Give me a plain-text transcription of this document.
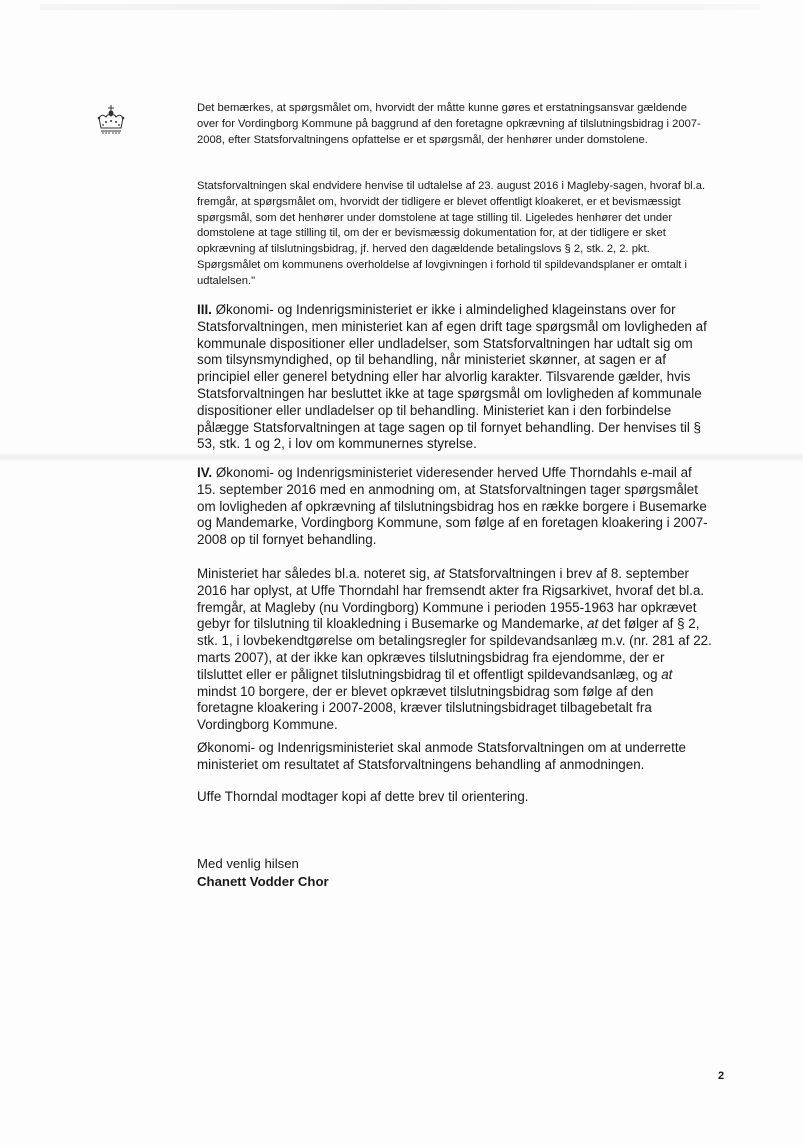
Det bemærkes, at spørgsmålet om, hvorvidt der måtte kunne gøres et erstatningsansvar gældende over for Vordingborg Kommune på baggrund af den foretagne opkrævning af tilslutningsbidrag i 2007-2008, efter Statsforvaltningens opfattelse er et spørgsmål, der henhører under domstolene.

Statsforvaltningen skal endvidere henvise til udtalelse af 23. august 2016 i Magleby-sagen, hvoraf bl.a. fremgår, at spørgsmålet om, hvorvidt der tidligere er blevet offentligt kloakeret, er et bevismæssigt spørgsmål, som det henhører under domstolene at tage stilling til. Ligeledes henhører det under domstolene at tage stilling til, om der er bevismæssig dokumentation for, at der tidligere er sket opkrævning af tilslutningsbidrag, jf. herved den dagældende betalingslovs § 2, stk. 2, 2. pkt. Spørgsmålet om kommunens overholdelse af lovgivningen i forhold til spildevandsplaner er omtalt i udtalelsen."

III. Økonomi- og Indenrigsministeriet er ikke i almindelighed klageinstans over for Statsforvaltningen, men ministeriet kan af egen drift tage spørgsmål om lovligheden af kommunale dispositioner eller undladelser, som Statsforvaltningen har udtalt sig om som tilsynsmyndighed, op til behandling, når ministeriet skønner, at sagen er af principiel eller generel betydning eller har alvorlig karakter. Tilsvarende gælder, hvis Statsforvaltningen har besluttet ikke at tage spørgsmål om lovligheden af kommunale dispositioner eller undladelser op til behandling. Ministeriet kan i den forbindelse pålægge Statsforvaltningen at tage sagen op til fornyet behandling. Der henvises til § 53, stk. 1 og 2, i lov om kommunernes styrelse.

IV. Økonomi- og Indenrigsministeriet videresender herved Uffe Thorndahls e-mail af 15. september 2016 med en anmodning om, at Statsforvaltningen tager spørgsmålet om lovligheden af opkrævning af tilslutningsbidrag hos en række borgere i Busemarke og Mandemarke, Vordingborg Kommune, som følge af en foretagen kloakering i 2007-2008 op til fornyet behandling.

Ministeriet har således bl.a. noteret sig, at Statsforvaltningen i brev af 8. september 2016 har oplyst, at Uffe Thorndahl har fremsendt akter fra Rigsarkivet, hvoraf det bl.a. fremgår, at Magleby (nu Vordingborg) Kommune i perioden 1955-1963 har opkrævet gebyr for tilslutning til kloakledning i Busemarke og Mandemarke, at det følger af § 2, stk. 1, i lovbekendtgørelse om betalingsregler for spildevandsanlæg m.v. (nr. 281 af 22. marts 2007), at der ikke kan opkræves tilslutningsbidrag fra ejendomme, der er tilsluttet eller er pålignet tilslutningsbidrag til et offentligt spildevandsanlæg, og at mindst 10 borgere, der er blevet opkrævet tilslutningsbidrag som følge af den foretagne kloakering i 2007-2008, kræver tilslutningsbidraget tilbagebetalt fra Vordingborg Kommune.

Økonomi- og Indenrigsministeriet skal anmode Statsforvaltningen om at underrette ministeriet om resultatet af Statsforvaltningens behandling af anmodningen.

Uffe Thorndal modtager kopi af dette brev til orientering.

Med venlig hilsen
Chanett Vodder Chor
2
